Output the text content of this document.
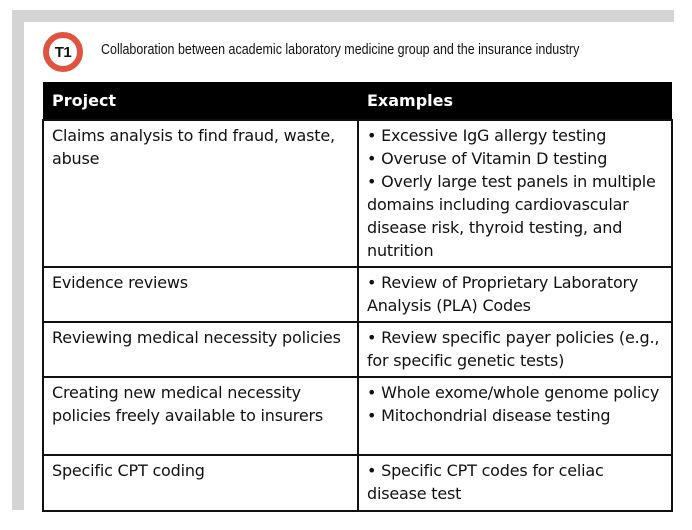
T1 Collaboration between academic laboratory medicine group and the insurance industry
Project	Examples
Claims analysis to find fraud, waste, abuse	• Excessive IgG allergy testing
• Overuse of Vitamin D testing
• Overly large test panels in multiple domains including cardiovascular disease risk, thyroid testing, and nutrition

Evidence reviews	• Review of Proprietary Laboratory Analysis (PLA) Codes

Reviewing medical necessity policies	• Review specific payer policies (e.g., for specific genetic tests)

Creating new medical necessity policies freely available to insurers	• Whole exome/whole genome policy
• Mitochondrial disease testing

Specific CPT coding	• Specific CPT codes for celiac disease test
